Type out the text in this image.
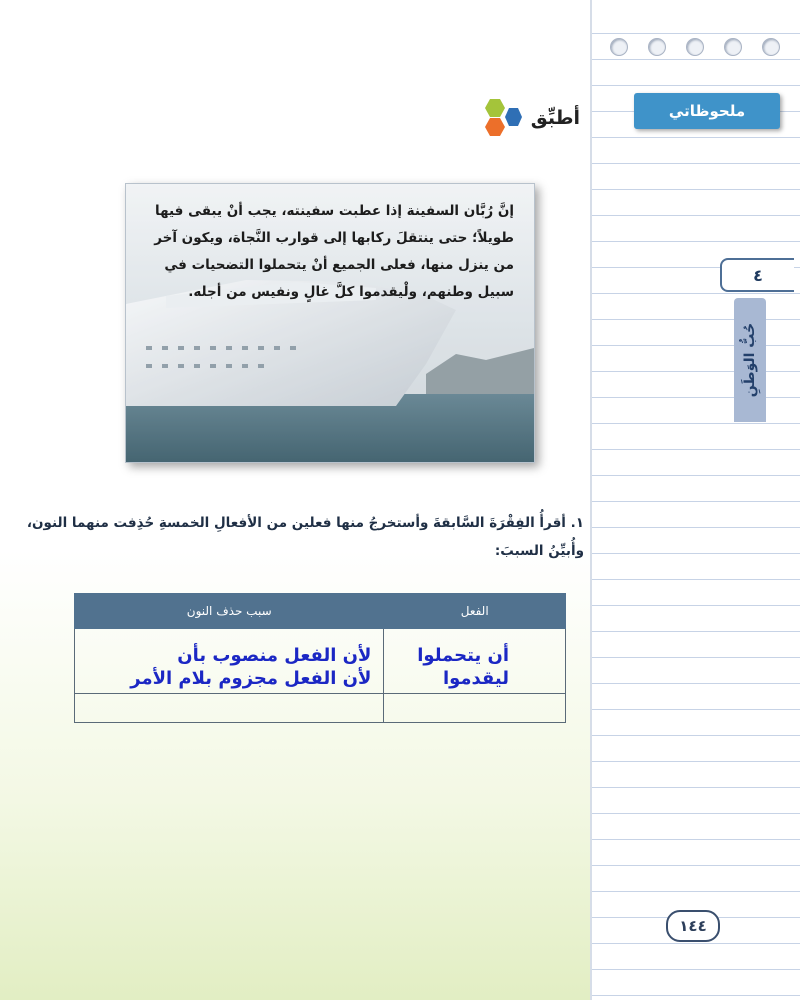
أطبِّق
إنَّ رُبَّان السفينة إذا عطبت سفينته، يجب أنْ يبقى فيها طويلاً؛ حتى ينتقلَ ركابها إلى قوارب النَّجاة، ويكون آخر من ينزل منها، فعلى الجميع أنْ يتحملوا التضحيات في سبيل وطنهم، ولْيقدموا كلَّ غالٍ ونفيس من أجله.
١. أقرأُ الفِقْرَةَ السَّابقةَ وأستخرجُ منها فعلين من الأفعالِ الخمسةِ حُذِفت منهما النون، وأُبيِّنُ السببَ:
الفعل	سبب حذف النون
أن يتحملوا	لأن الفعل منصوب بأن
ليقدموا	لأن الفعل مجزوم بلام الأمر

ملحوظاتي
٤
حُبُّ الوَطَنِ
١٤٤
